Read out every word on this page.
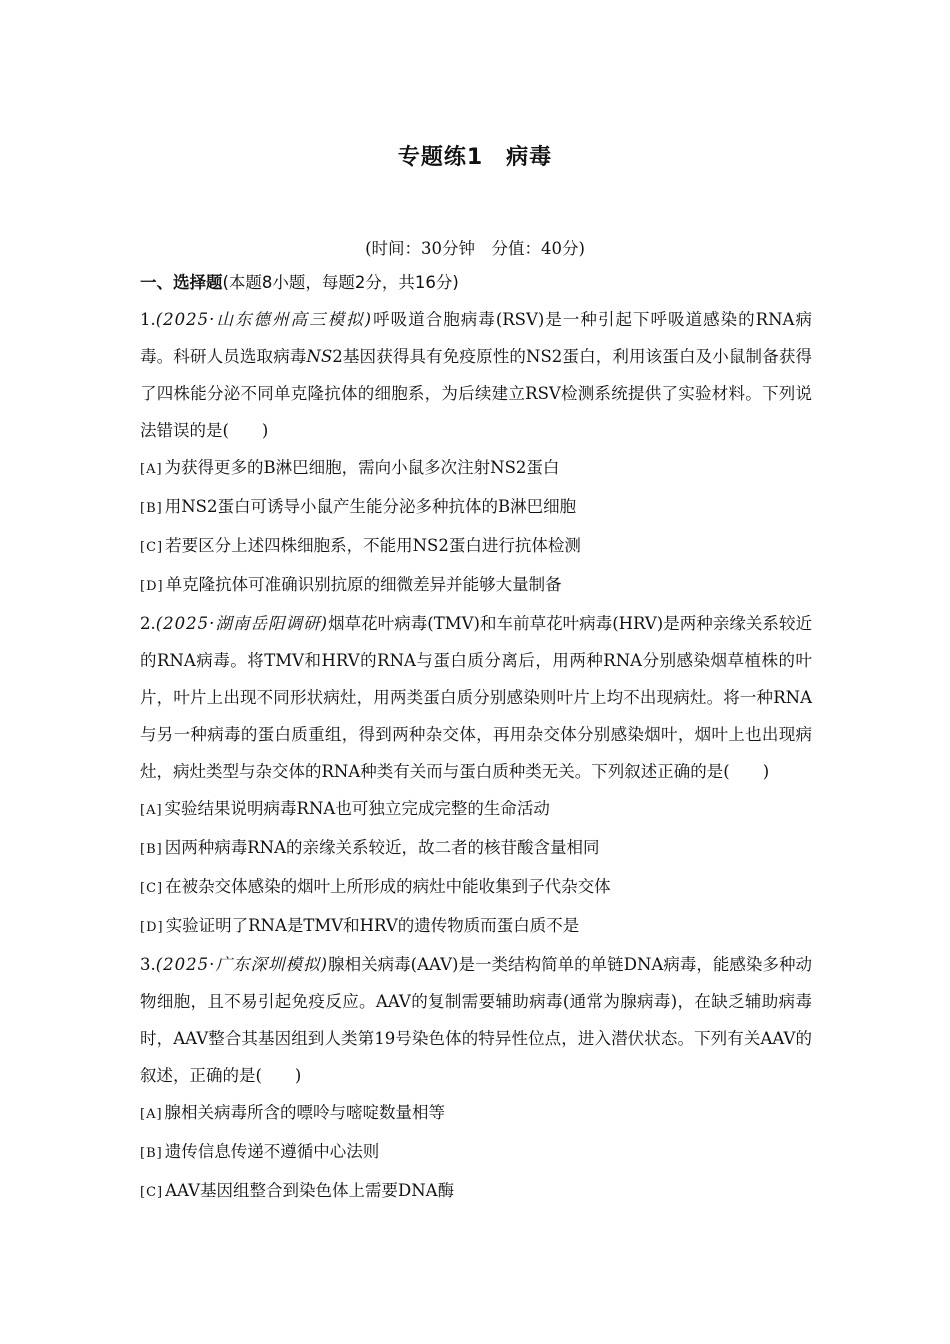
专题练1　病毒
(时间：30分钟　分值：40分)
一、选择题(本题8小题，每题2分，共16分)
1.(2025·山东德州高三模拟)呼吸道合胞病毒(RSV)是一种引起下呼吸道感染的RNA病毒。科研人员选取病毒NS2基因获得具有免疫原性的NS2蛋白，利用该蛋白及小鼠制备获得了四株能分泌不同单克隆抗体的细胞系，为后续建立RSV检测系统提供了实验材料。下列说法错误的是(　　)
[A] 为获得更多的B淋巴细胞，需向小鼠多次注射NS2蛋白
[B] 用NS2蛋白可诱导小鼠产生能分泌多种抗体的B淋巴细胞
[C] 若要区分上述四株细胞系，不能用NS2蛋白进行抗体检测
[D] 单克隆抗体可准确识别抗原的细微差异并能够大量制备
2.(2025·湖南岳阳调研)烟草花叶病毒(TMV)和车前草花叶病毒(HRV)是两种亲缘关系较近的RNA病毒。将TMV和HRV的RNA与蛋白质分离后，用两种RNA分别感染烟草植株的叶片，叶片上出现不同形状病灶，用两类蛋白质分别感染则叶片上均不出现病灶。将一种RNA与另一种病毒的蛋白质重组，得到两种杂交体，再用杂交体分别感染烟叶，烟叶上也出现病灶，病灶类型与杂交体的RNA种类有关而与蛋白质种类无关。下列叙述正确的是(　　)
[A] 实验结果说明病毒RNA也可独立完成完整的生命活动
[B] 因两种病毒RNA的亲缘关系较近，故二者的核苷酸含量相同
[C] 在被杂交体感染的烟叶上所形成的病灶中能收集到子代杂交体
[D] 实验证明了RNA是TMV和HRV的遗传物质而蛋白质不是
3.(2025·广东深圳模拟)腺相关病毒(AAV)是一类结构简单的单链DNA病毒，能感染多种动物细胞，且不易引起免疫反应。AAV的复制需要辅助病毒(通常为腺病毒)，在缺乏辅助病毒时，AAV整合其基因组到人类第19号染色体的特异性位点，进入潜伏状态。下列有关AAV的叙述，正确的是(　　)
[A] 腺相关病毒所含的嘌呤与嘧啶数量相等
[B] 遗传信息传递不遵循中心法则
[C] AAV基因组整合到染色体上需要DNA酶
